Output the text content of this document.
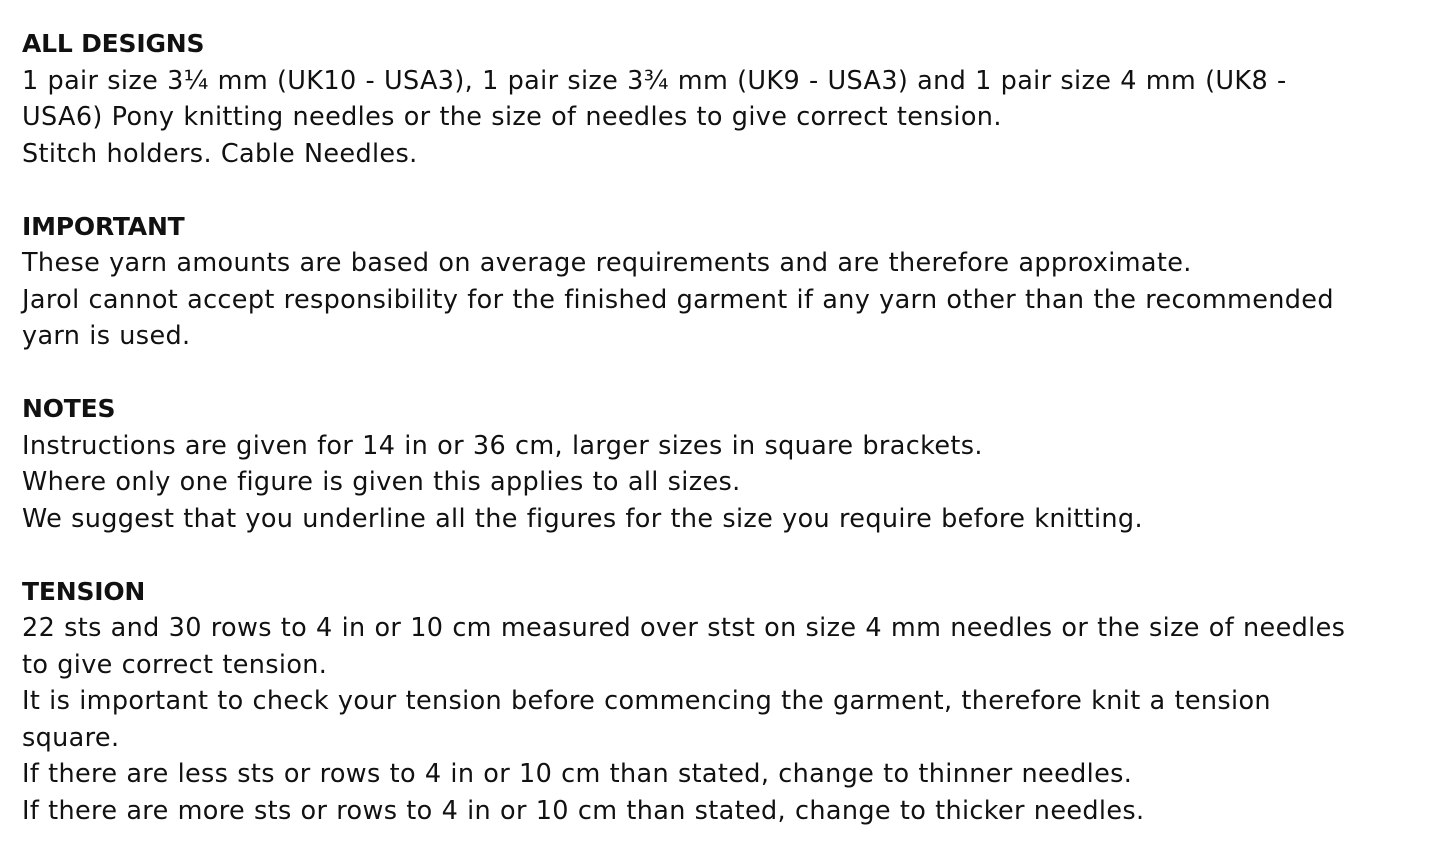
ALL DESIGNS
1 pair size 3¼ mm (UK10 - USA3), 1 pair size 3¾ mm (UK9 - USA3) and 1 pair size 4 mm (UK8 -
USA6) Pony knitting needles or the size of needles to give correct tension.
Stitch holders. Cable Needles.
IMPORTANT
These yarn amounts are based on average requirements and are therefore approximate.
Jarol cannot accept responsibility for the finished garment if any yarn other than the recommended
yarn is used.
NOTES
Instructions are given for 14 in or 36 cm, larger sizes in square brackets.
Where only one figure is given this applies to all sizes.
We suggest that you underline all the figures for the size you require before knitting.
TENSION
22 sts and 30 rows to 4 in or 10 cm measured over stst on size 4 mm needles or the size of needles
to give correct tension.
It is important to check your tension before commencing the garment, therefore knit a tension
square.
If there are less sts or rows to 4 in or 10 cm than stated, change to thinner needles.
If there are more sts or rows to 4 in or 10 cm than stated, change to thicker needles.
